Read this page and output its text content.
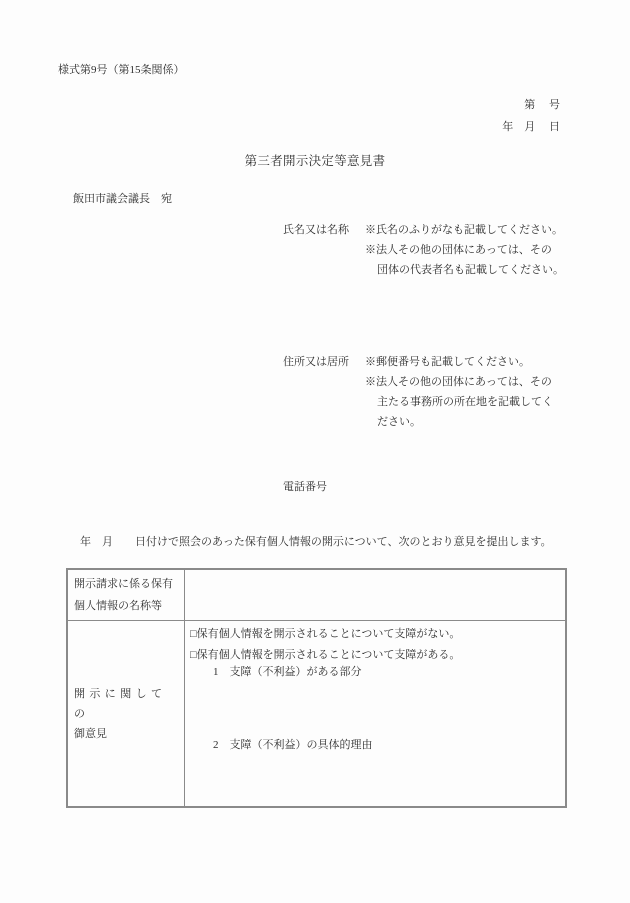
様式第9号（第15条関係）
第　 号
年　月　 日
第三者開示決定等意見書
飯田市議会議長　宛
氏名又は名称 ※氏名のふりがなも記載してください。
※法人その他の団体にあっては、その
団体の代表者名も記載してください。
住所又は居所 ※郵便番号も記載してください。
※法人その他の団体にあっては、その
主たる事務所の所在地を記載してく
ださい。
電話番号
年　月　　日付けで照会のあった保有個人情報の開示について、次のとおり意見を提出します。
開示請求に係る保有
個人情報の名称等
開示に関しての
御意見
□保有個人情報を開示されることについて支障がない。
□保有個人情報を開示されることについて支障がある。
1　支障（不利益）がある部分
2　支障（不利益）の具体的理由
